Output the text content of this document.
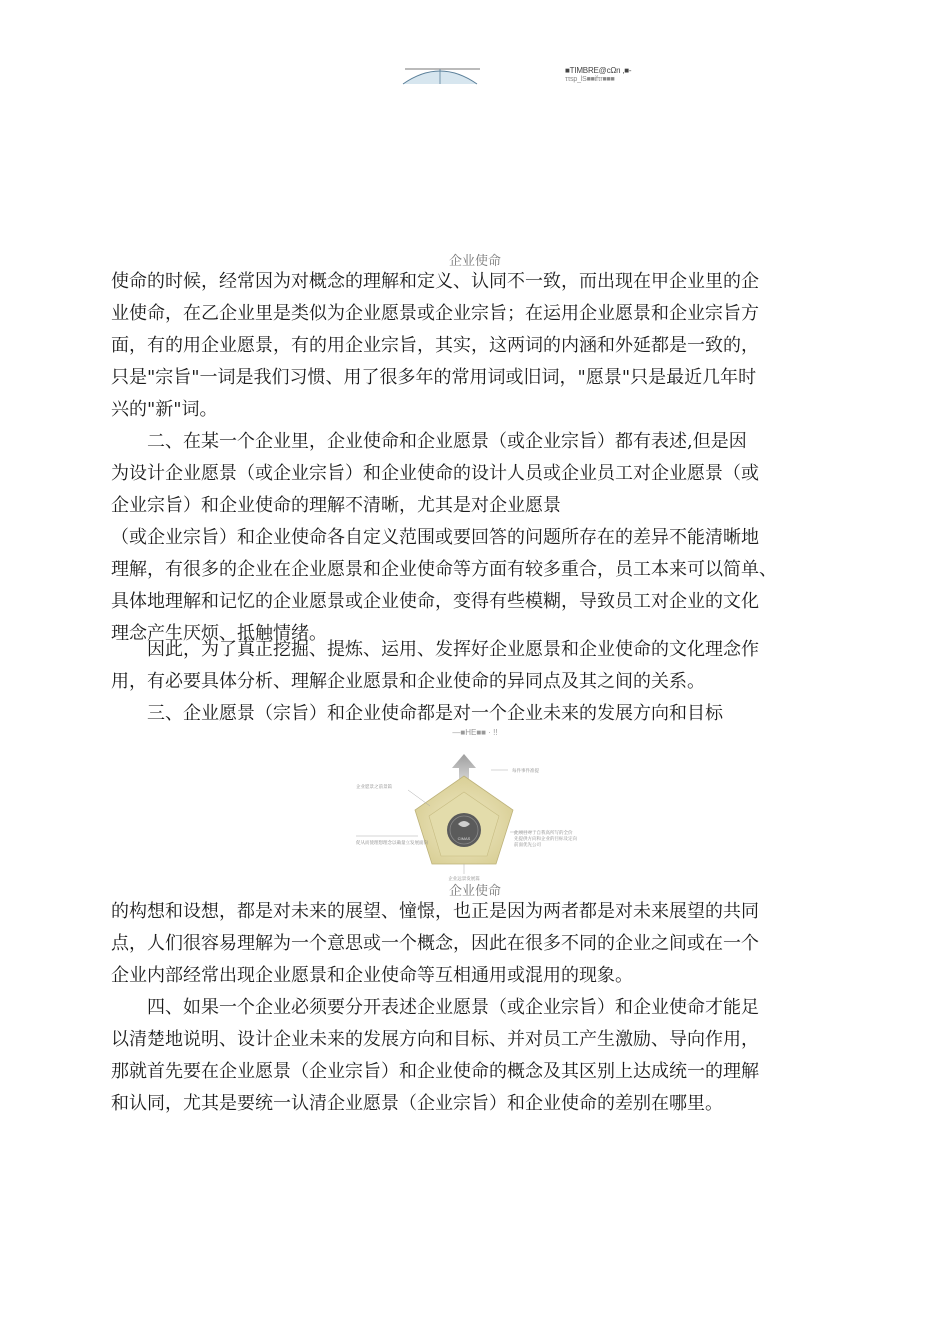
■TIMBRE@cΩrι ,■-
ττsp_lS■■ifτr■■■
企业使命
使命的时候，经常因为对概念的理解和定义、认同不一致，而出现在甲企业里的企
业使命，在乙企业里是类似为企业愿景或企业宗旨；在运用企业愿景和企业宗旨方
面，有的用企业愿景，有的用企业宗旨，其实，这两词的内涵和外延都是一致的，
只是"宗旨"一词是我们习惯、用了很多年的常用词或旧词，"愿景"只是最近几年时
兴的"新"词。
　　二、在某一个企业里，企业使命和企业愿景（或企业宗旨）都有表述,但是因
为设计企业愿景（或企业宗旨）和企业使命的设计人员或企业员工对企业愿景（或
企业宗旨）和企业使命的理解不清晰，尤其是对企业愿景
（或企业宗旨）和企业使命各自定义范围或要回答的问题所存在的差异不能清晰地
理解，有很多的企业在企业愿景和企业使命等方面有较多重合，员工本来可以简单、
具体地理解和记忆的企业愿景或企业使命，变得有些模糊，导致员工对企业的文化
理念产生厌烦、抵触情绪。
　　因此，为了真正挖掘、提炼、运用、发挥好企业愿景和企业使命的文化理念作
用，有必要具体分析、理解企业愿景和企业使命的异同点及其之间的关系。
　　三、企业愿景（宗旨）和企业使命都是对一个企业未来的发展方向和目标
—■HE■■ · !!
CIMAS
企业愿景之前景篇
每件事件准提
促从而使理想理念以确量立发展面向
此项目对于自我高所写的全价
先提供方向和企业的目标及定向
前面优先公司
企业远景发展篇
企业使命
的构想和设想，都是对未来的展望、憧憬，也正是因为两者都是对未来展望的共同
点，人们很容易理解为一个意思或一个概念，因此在很多不同的企业之间或在一个
企业内部经常出现企业愿景和企业使命等互相通用或混用的现象。
　　四、如果一个企业必须要分开表述企业愿景（或企业宗旨）和企业使命才能足
以清楚地说明、设计企业未来的发展方向和目标、并对员工产生激励、导向作用，
那就首先要在企业愿景（企业宗旨）和企业使命的概念及其区别上达成统一的理解
和认同，尤其是要统一认清企业愿景（企业宗旨）和企业使命的差别在哪里。
